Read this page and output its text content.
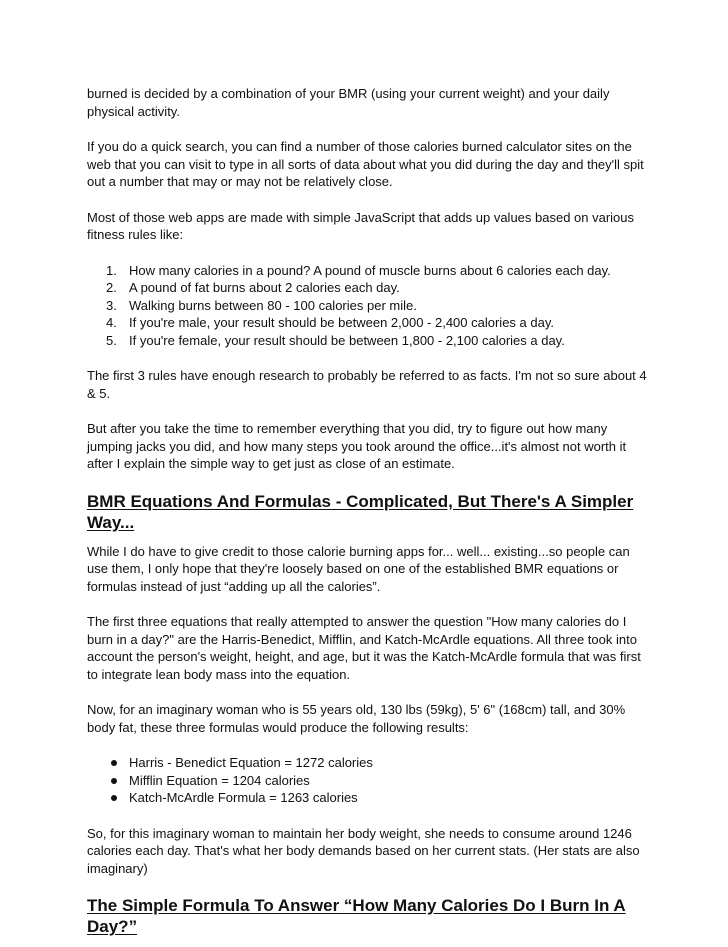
burned is decided by a combination of your BMR (using your current weight) and your daily physical activity.

If you do a quick search, you can find a number of those calories burned calculator sites on the web that you can visit to type in all sorts of data about what you did during the day and they'll spit out a number that may or may not be relatively close.

Most of those web apps are made with simple JavaScript that adds up values based on various fitness rules like:

1. How many calories in a pound? A pound of muscle burns about 6 calories each day.
2. A pound of fat burns about 2 calories each day.
3. Walking burns between 80 - 100 calories per mile.
4. If you're male, your result should be between 2,000 - 2,400 calories a day.
5. If you're female, your result should be between 1,800 - 2,100 calories a day.

The first 3 rules have enough research to probably be referred to as facts. I'm not so sure about 4 & 5.

But after you take the time to remember everything that you did, try to figure out how many jumping jacks you did, and how many steps you took around the office...it's almost not worth it after I explain the simple way to get just as close of an estimate.

BMR Equations And Formulas - Complicated, But There's A Simpler Way...

While I do have to give credit to those calorie burning apps for... well... existing...so people can use them, I only hope that they're loosely based on one of the established BMR equations or formulas instead of just “adding up all the calories”.

The first three equations that really attempted to answer the question "How many calories do I burn in a day?" are the Harris-Benedict, Mifflin, and Katch-McArdle equations. All three took into account the person's weight, height, and age, but it was the Katch-McArdle formula that was first to integrate lean body mass into the equation.

Now, for an imaginary woman who is 55 years old, 130 lbs (59kg), 5' 6" (168cm) tall, and 30% body fat, these three formulas would produce the following results:

Harris - Benedict Equation = 1272 calories
Mifflin Equation = 1204 calories
Katch-McArdle Formula = 1263 calories

So, for this imaginary woman to maintain her body weight, she needs to consume around 1246 calories each day. That's what her body demands based on her current stats. (Her stats are also imaginary)

The Simple Formula To Answer “How Many Calories Do I Burn In A Day?”
